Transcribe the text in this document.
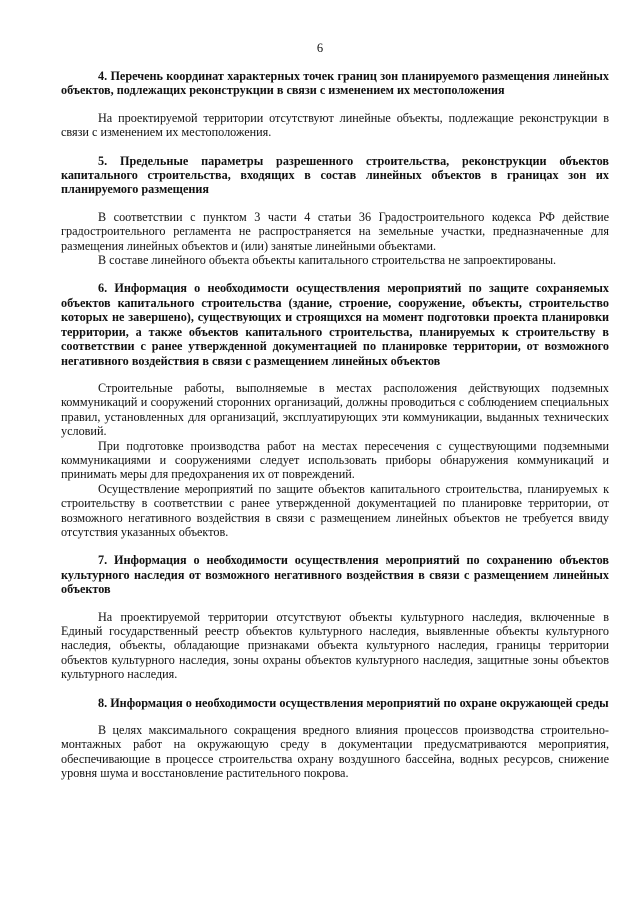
6

4. Перечень координат характерных точек границ зон планируемого размещения линейных объектов, подлежащих реконструкции в связи с изменением их местоположения

На проектируемой территории отсутствуют линейные объекты, подлежащие реконструкции в связи с изменением их местоположения.

5. Предельные параметры разрешенного строительства, реконструкции объектов капитального строительства, входящих в состав линейных объектов в границах зон их планируемого размещения

В соответствии с пунктом 3 части 4 статьи 36 Градостроительного кодекса РФ действие градостроительного регламента не распространяется на земельные участки, предназначенные для размещения линейных объектов и (или) занятые линейными объектами.

В составе линейного объекта объекты капитального строительства не запроектированы.

6. Информация о необходимости осуществления мероприятий по защите сохраняемых объектов капитального строительства (здание, строение, сооружение, объекты, строительство которых не завершено), существующих и строящихся на момент подготовки проекта планировки территории, а также объектов капитального строительства, планируемых к строительству в соответствии с ранее утвержденной документацией по планировке территории, от возможного негативного воздействия в связи с размещением линейных объектов

Строительные работы, выполняемые в местах расположения действующих подземных коммуникаций и сооружений сторонних организаций, должны проводиться с соблюдением специальных правил, установленных для организаций, эксплуатирующих эти коммуникации, выданных технических условий.

При подготовке производства работ на местах пересечения с существующими подземными коммуникациями и сооружениями следует использовать приборы обнаружения коммуникаций и принимать меры для предохранения их от повреждений.

Осуществление мероприятий по защите объектов капитального строительства, планируемых к строительству в соответствии с ранее утвержденной документацией по планировке территории, от возможного негативного воздействия в связи с размещением линейных объектов не требуется ввиду отсутствия указанных объектов.

7. Информация о необходимости осуществления мероприятий по сохранению объектов культурного наследия от возможного негативного воздействия в связи с размещением линейных объектов

На проектируемой территории отсутствуют объекты культурного наследия, включенные в Единый государственный реестр объектов культурного наследия, выявленные объекты культурного наследия, объекты, обладающие признаками объекта культурного наследия, границы территории объектов культурного наследия, зоны охраны объектов культурного наследия, защитные зоны объектов культурного наследия.

8. Информация о необходимости осуществления мероприятий по охране окружающей среды

В целях максимального сокращения вредного влияния процессов производства строительно-монтажных работ на окружающую среду в документации предусматриваются мероприятия, обеспечивающие в процессе строительства охрану воздушного бассейна, водных ресурсов, снижение уровня шума и восстановление растительного покрова.
